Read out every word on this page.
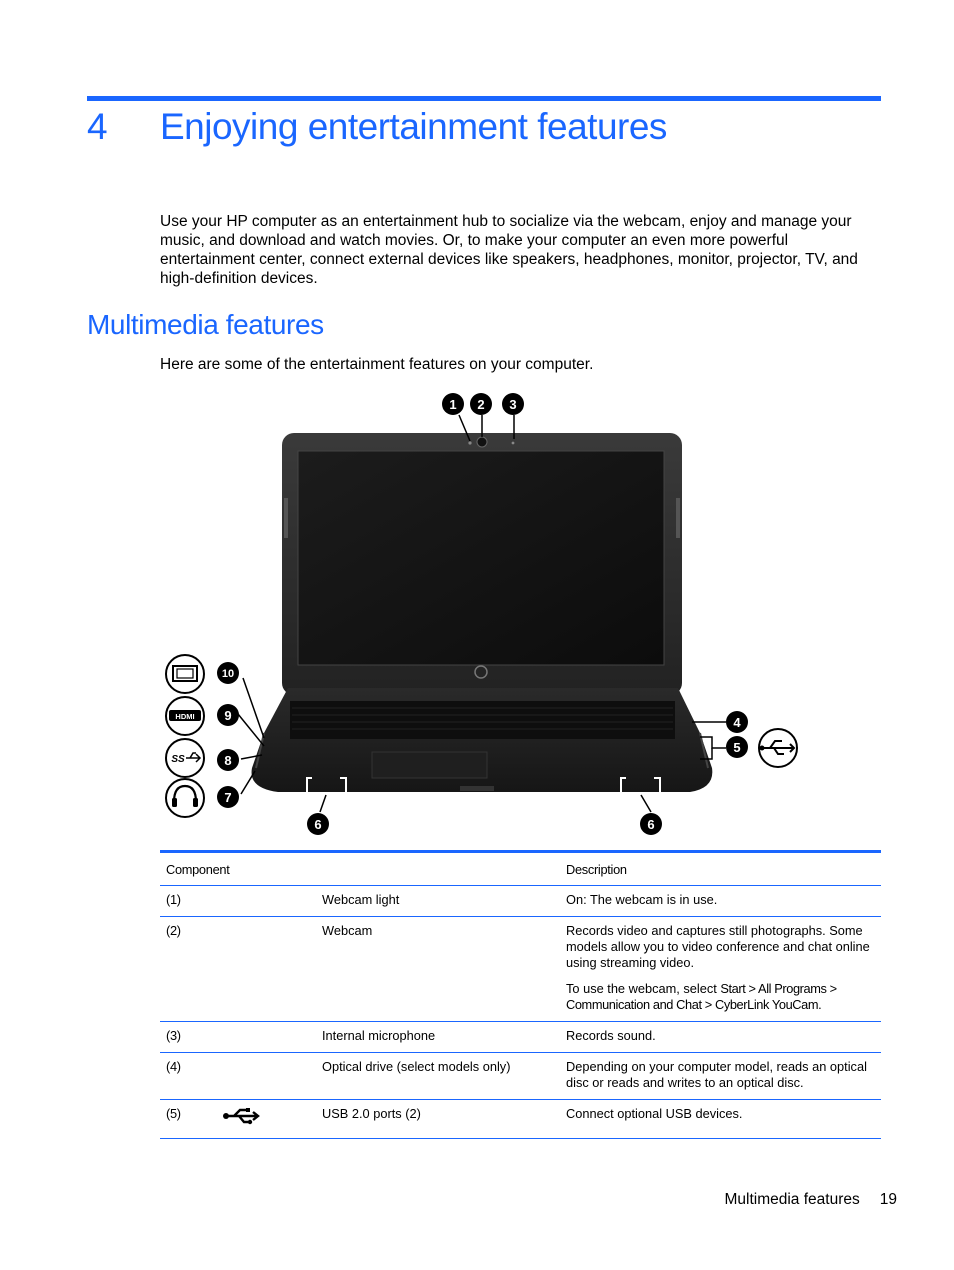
4 Enjoying entertainment features
Use your HP computer as an entertainment hub to socialize via the webcam, enjoy and manage your music, and download and watch movies. Or, to make your computer an even more powerful entertainment center, connect external devices like speakers, headphones, monitor, projector, TV, and high-definition devices.
Multimedia features
Here are some of the entertainment features on your computer.
1 2 3
4
5
6	6
7
8
9
10
HDMI
SS
Component			Description
(1)		Webcam light	On: The webcam is in use.
(2)		Webcam	Records video and captures still photographs. Some models allow you to video conference and chat online using streaming video.
To use the webcam, select Start > All Programs > Communication and Chat > CyberLink YouCam.

(3)		Internal microphone	Records sound.
(4)		Optical drive (select models only)	Depending on your computer model, reads an optical disc or reads and writes to an optical disc.
(5)		USB 2.0 ports (2)	Connect optional USB devices.
Multimedia features 19
